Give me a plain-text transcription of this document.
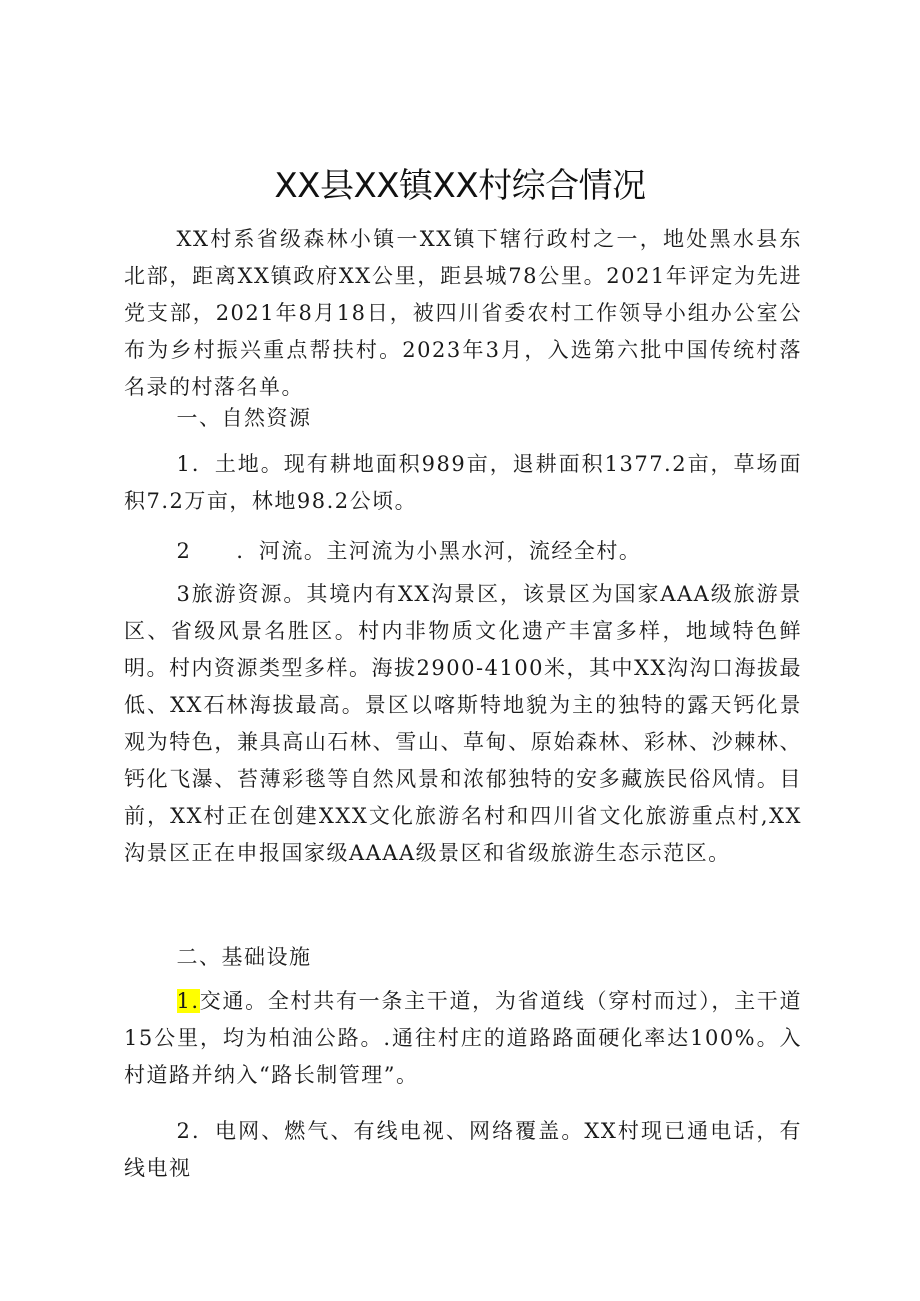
XX县XX镇XX村综合情况

XX村系省级森林小镇一XX镇下辖行政村之一，地处黑水县东北部，距离XX镇政府XX公里，距县城78公里。2021年评定为先进党支部，2021年8月18日，被四川省委农村工作领导小组办公室公布为乡村振兴重点帮扶村。2023年3月，入选第六批中国传统村落名录的村落名单。

一、自然资源

1．土地。现有耕地面积989亩，退耕面积1377.2亩，草场面积7.2万亩，林地98.2公顷。

2　　．河流。主河流为小黑水河，流经全村。

3旅游资源。其境内有XX沟景区，该景区为国家AAA级旅游景区、省级风景名胜区。村内非物质文化遗产丰富多样，地域特色鲜明。村内资源类型多样。海拔2900-4100米，其中XX沟沟口海拔最低、XX石林海拔最高。景区以喀斯特地貌为主的独特的露天钙化景观为特色，兼具高山石林、雪山、草甸、原始森林、彩林、沙棘林、钙化飞瀑、苔薄彩毯等自然风景和浓郁独特的安多藏族民俗风情。目前，XX村正在创建XXX文化旅游名村和四川省文化旅游重点村,XX沟景区正在申报国家级AAAA级景区和省级旅游生态示范区。

二、基础设施

1.交通。全村共有一条主干道，为省道线（穿村而过），主干道15公里，均为柏油公路。.通往村庄的道路路面硬化率达100%。入村道路并纳入“路长制管理”。

2．电网、燃气、有线电视、网络覆盖。XX村现已通电话，有线电视
